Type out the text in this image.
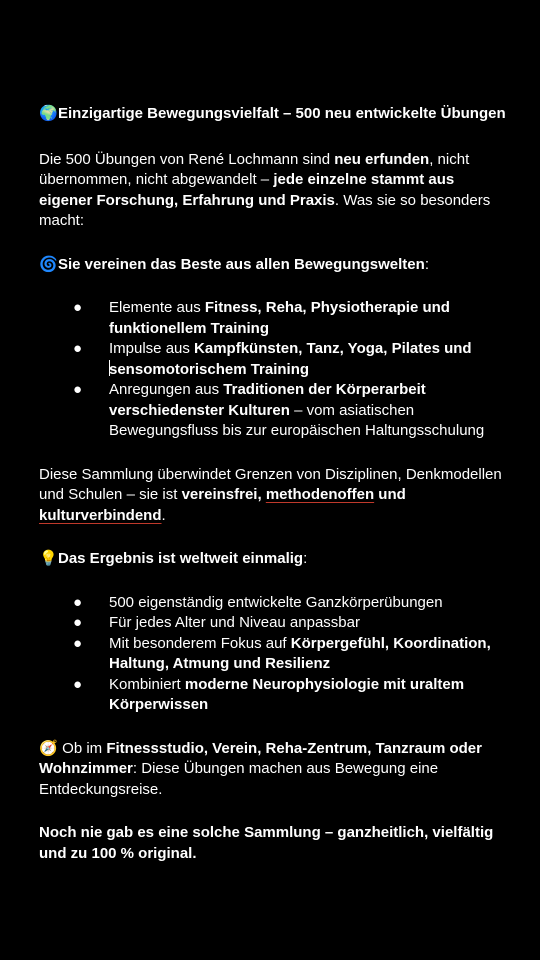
🌍Einzigartige Bewegungsvielfalt – 500 neu entwickelte Übungen

Die 500 Übungen von René Lochmann sind neu erfunden, nicht übernommen, nicht abgewandelt – jede einzelne stammt aus eigener Forschung, Erfahrung und Praxis. Was sie so besonders macht:

🌀Sie vereinen das Beste aus allen Bewegungswelten:

● Elemente aus Fitness, Reha, Physiotherapie und funktionellem Training
● Impulse aus Kampfkünsten, Tanz, Yoga, Pilates und
sensomotorischem Training
● Anregungen aus Traditionen der Körperarbeit verschiedenster Kulturen – vom asiatischen Bewegungsfluss bis zur europäischen Haltungsschulung

Diese Sammlung überwindet Grenzen von Disziplinen, Denkmodellen und Schulen – sie ist vereinsfrei, methodenoffen und kulturverbindend.

💡Das Ergebnis ist weltweit einmalig:

● 500 eigenständig entwickelte Ganzkörperübungen
● Für jedes Alter und Niveau anpassbar
● Mit besonderem Fokus auf Körpergefühl, Koordination, Haltung, Atmung und Resilienz
● Kombiniert moderne Neurophysiologie mit uraltem Körperwissen

🧭 Ob im Fitnessstudio, Verein, Reha-Zentrum, Tanzraum oder Wohnzimmer: Diese Übungen machen aus Bewegung eine Entdeckungsreise.

Noch nie gab es eine solche Sammlung – ganzheitlich, vielfältig und zu 100 % original.
